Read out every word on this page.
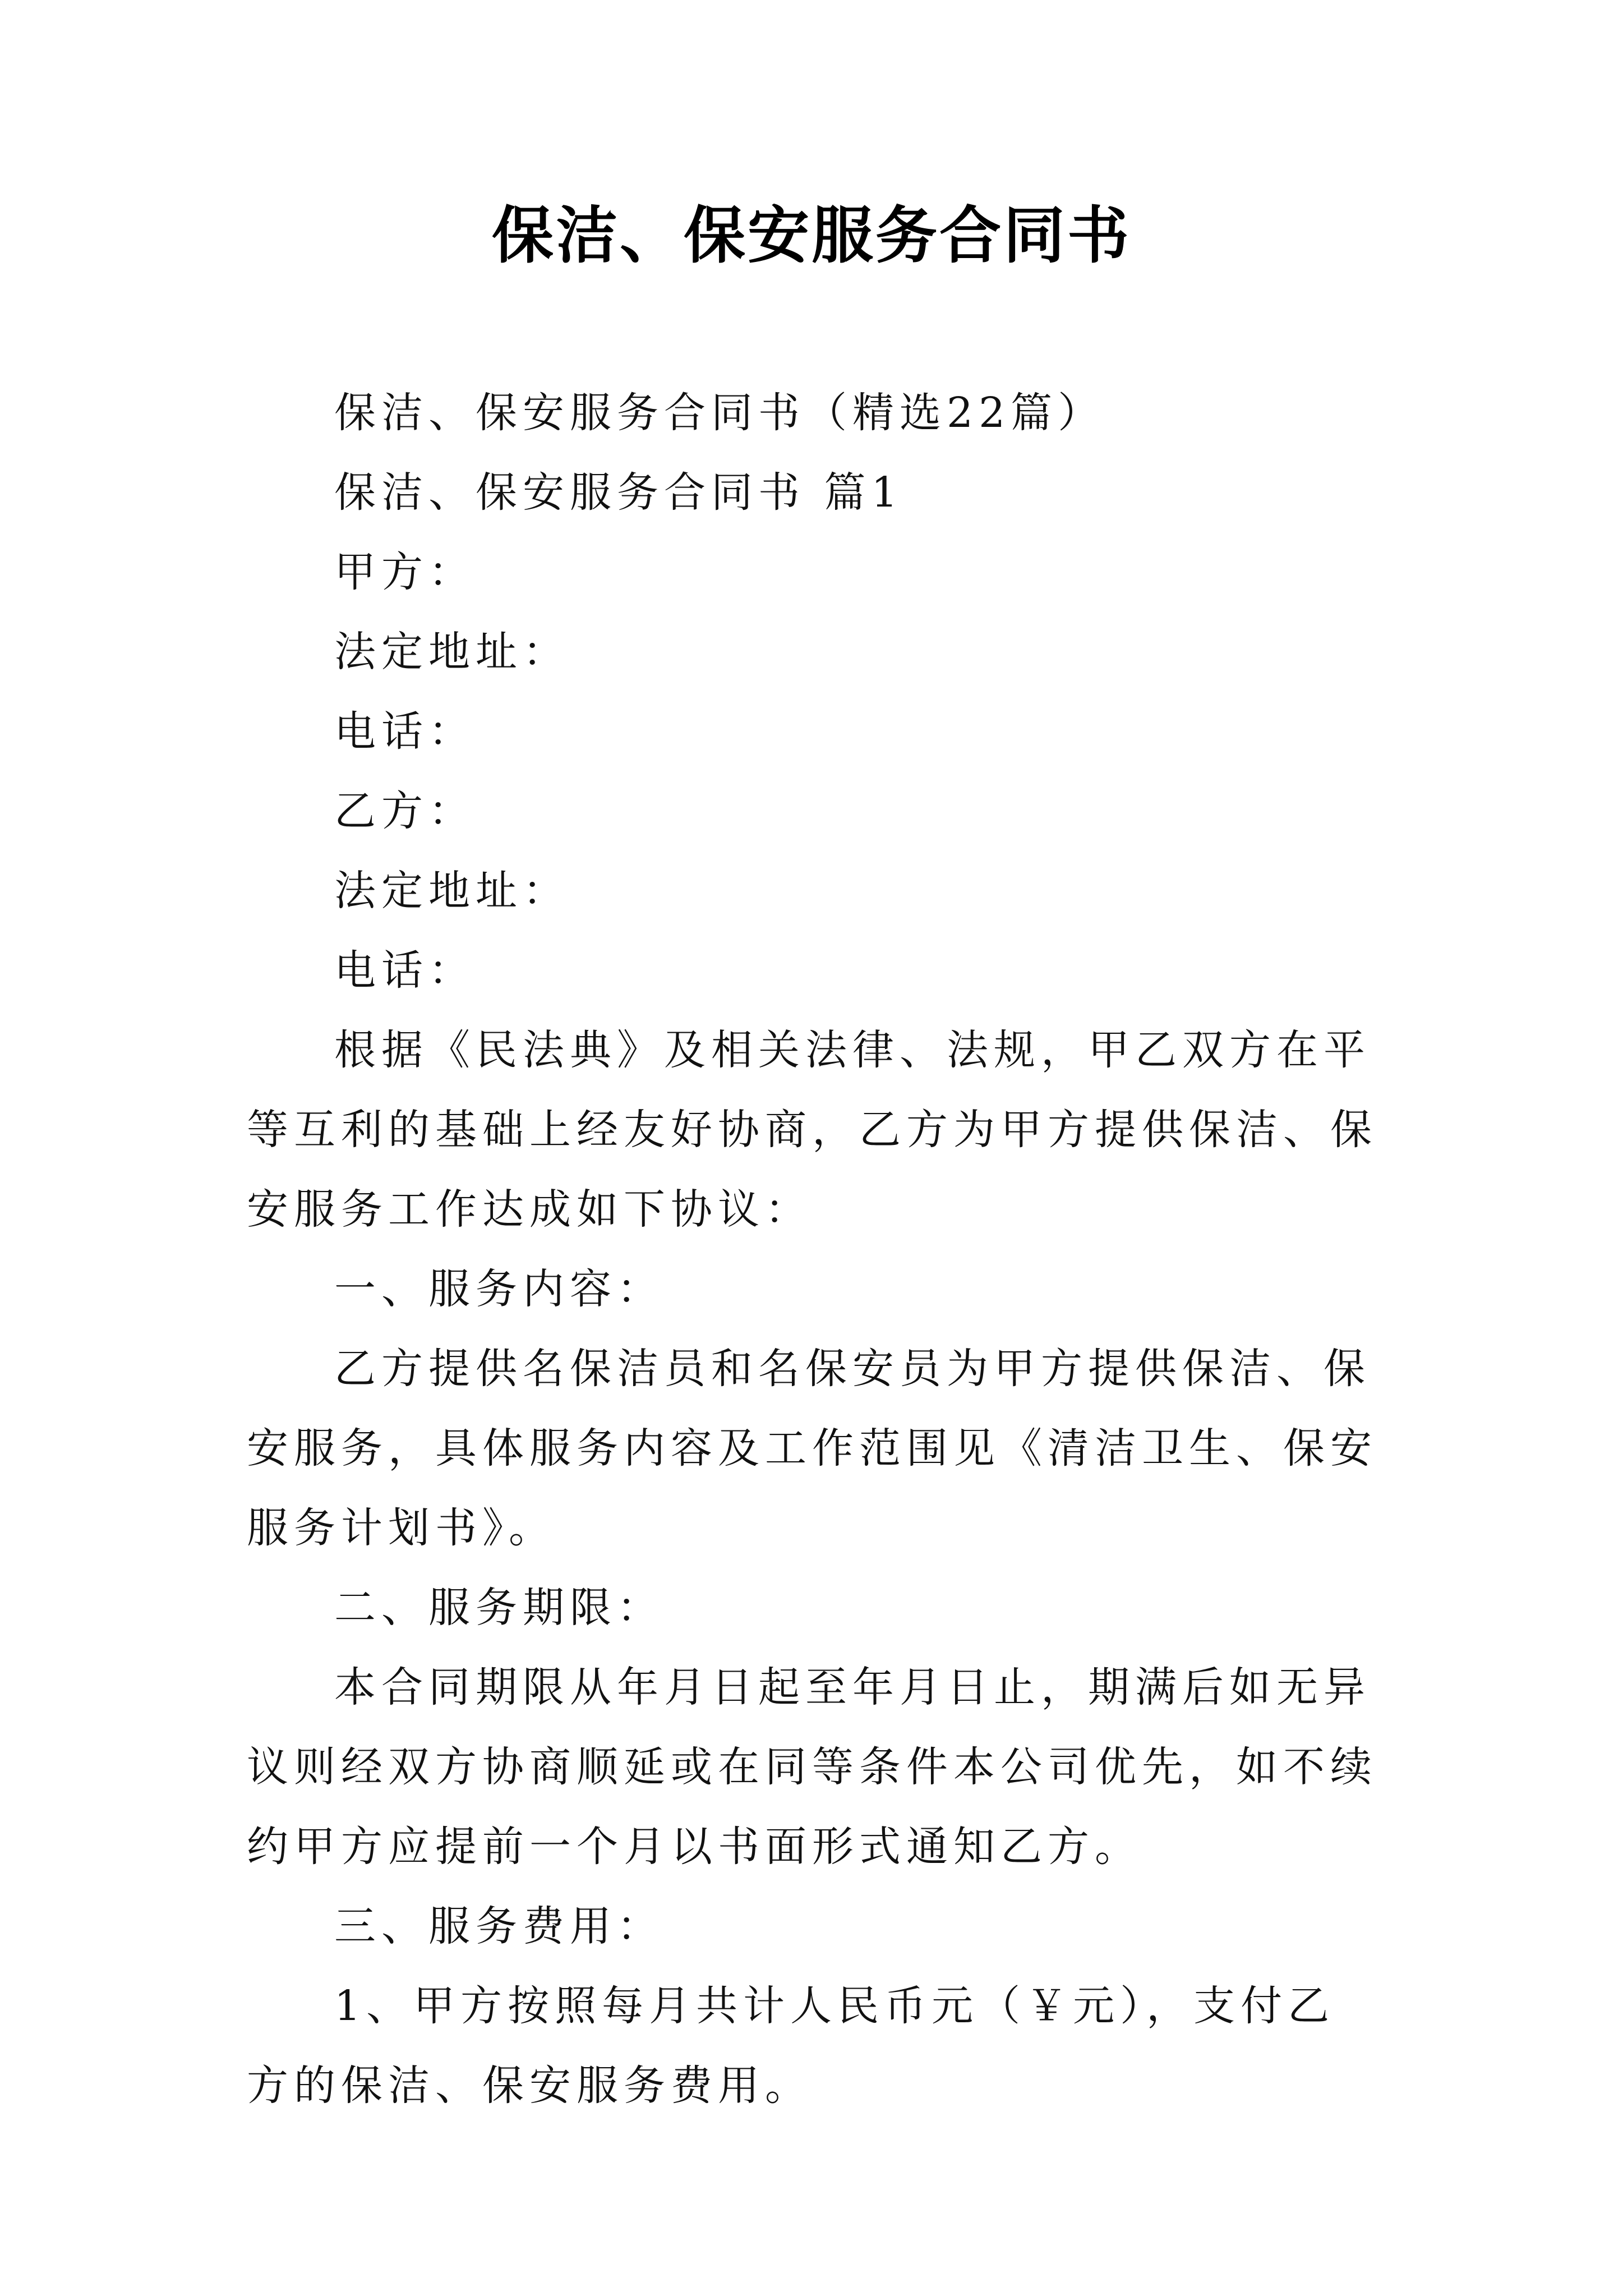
保洁、保安服务合同书

保洁、保安服务合同书（精选22篇）

保洁、保安服务合同书 篇1

甲方：

法定地址：

电话：

乙方：

法定地址：

电话：

根据《民法典》及相关法律、法规，甲乙双方在平等互利的基础上经友好协商，乙方为甲方提供保洁、保安服务工作达成如下协议：

一、服务内容：

乙方提供名保洁员和名保安员为甲方提供保洁、保安服务，具体服务内容及工作范围见《清洁卫生、保安服务计划书》。

二、服务期限：

本合同期限从年月日起至年月日止，期满后如无异议则经双方协商顺延或在同等条件本公司优先，如不续约甲方应提前一个月以书面形式通知乙方。

三、服务费用：

1、甲方按照每月共计人民币元（￥元），支付乙方的保洁、保安服务费用。
